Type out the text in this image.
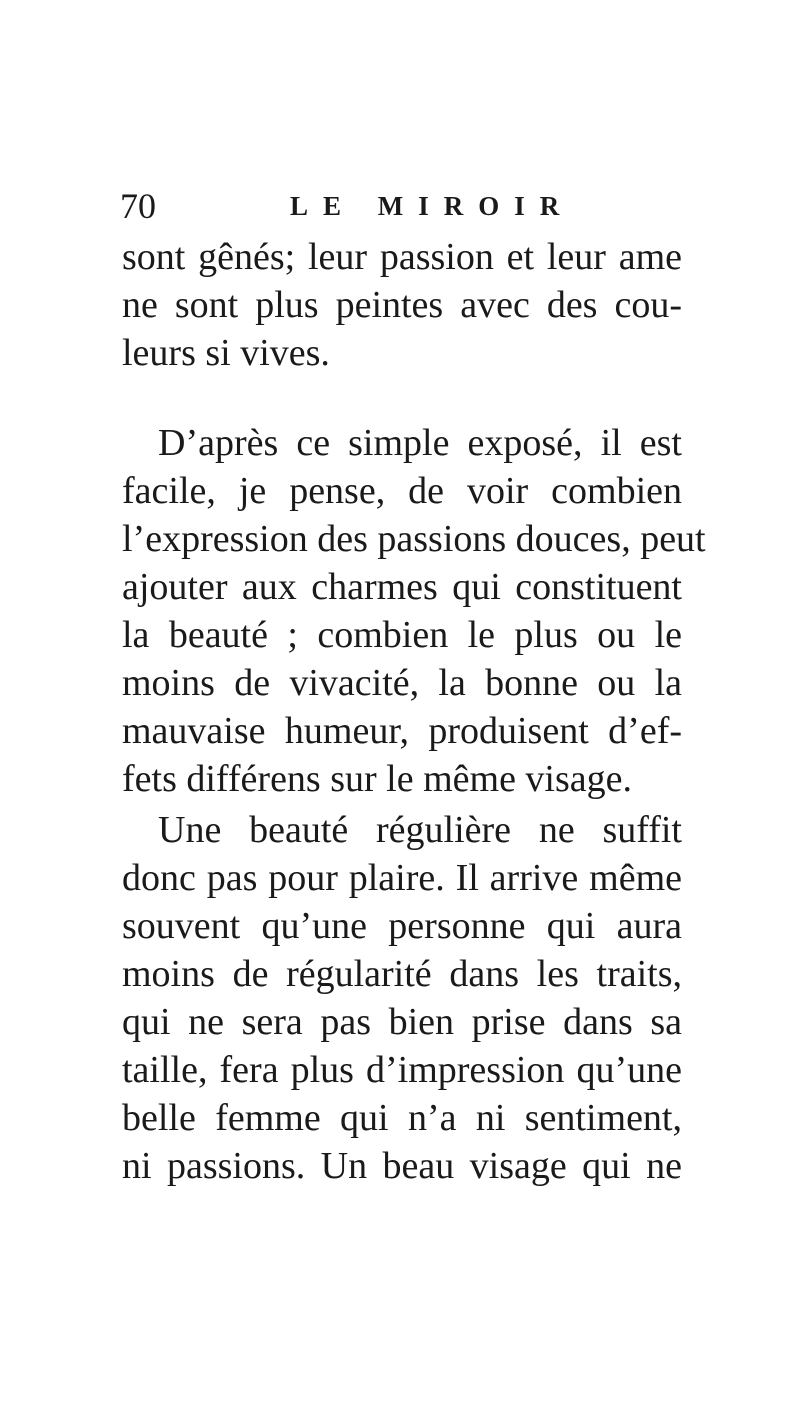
70	LE MIROIR
sont gênés; leur passion et leur ame
ne sont plus peintes avec des cou-
leurs si vives.
D’après ce simple exposé, il est
facile, je pense, de voir combien
l’expression des passions douces, peut
ajouter aux charmes qui constituent
la beauté ; combien le plus ou le
moins de vivacité, la bonne ou la
mauvaise humeur, produisent d’ef-
fets différens sur le même visage.
Une beauté régulière ne suffit
donc pas pour plaire. Il arrive même
souvent qu’une personne qui aura
moins de régularité dans les traits,
qui ne sera pas bien prise dans sa
taille, fera plus d’impression qu’une
belle femme qui n’a ni sentiment,
ni passions. Un beau visage qui ne
